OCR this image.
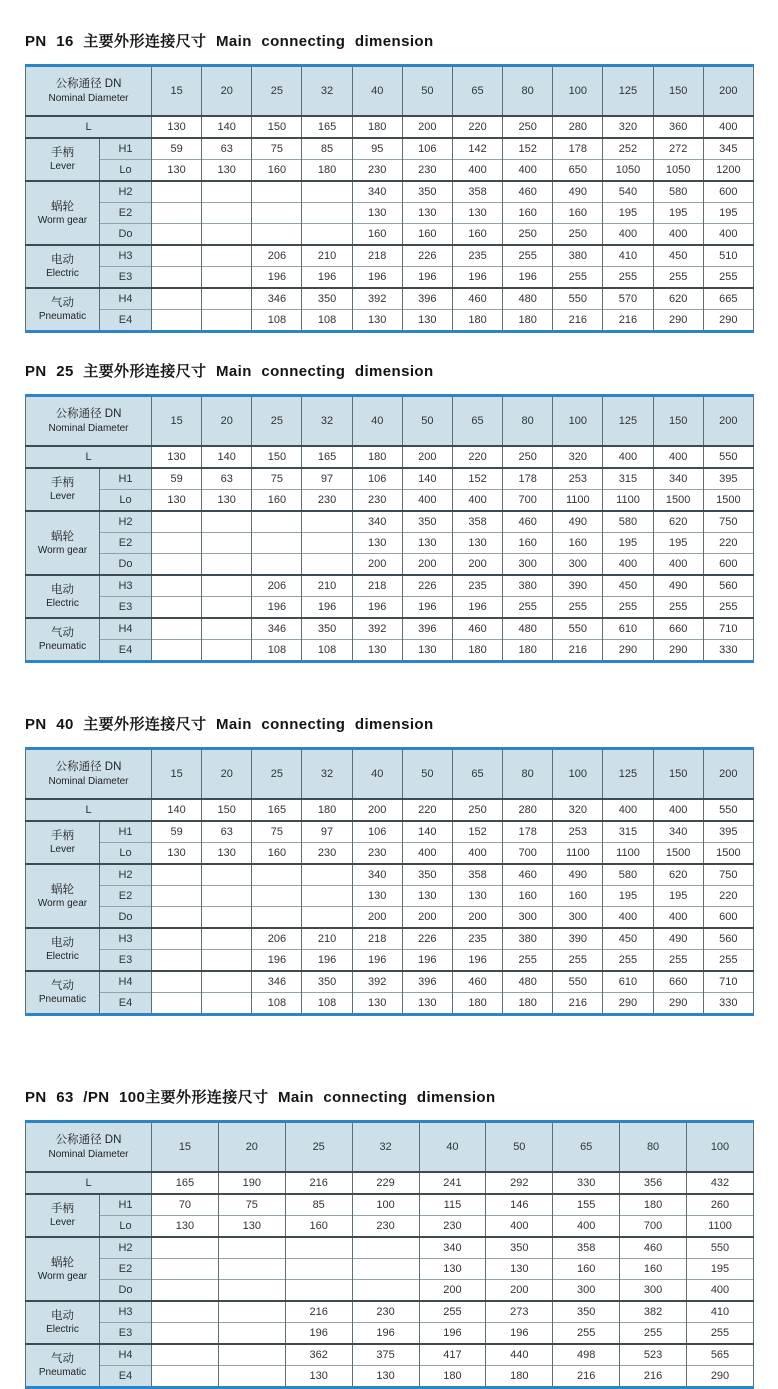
PN 16 主要外形连接尺寸 Main connecting dimension
公称通径 DN
Nominal Diameter		15	20	25	32	40	50	65	80	100	125	150	200
L		130	140	150	165	180	200	220	250	280	320	360	400

手柄
Lever	H1	59	63	75	85	95	106	142	152	178	252	272	345
	Lo	130	130	160	180	230	230	400	400	650	1050	1050	1200

蜗轮
Worm gear	H2					340	350	358	460	490	540	580	600
	E2					130	130	130	160	160	195	195	195
	Do					160	160	160	250	250	400	400	400

电动
Electric	H3			206	210	218	226	235	255	380	410	450	510
	E3			196	196	196	196	196	196	255	255	255	255

气动
Pneumatic	H4			346	350	392	396	460	480	550	570	620	665
	E4			108	108	130	130	180	180	216	216	290	290
PN 25 主要外形连接尺寸 Main connecting dimension
公称通径 DN
Nominal Diameter		15	20	25	32	40	50	65	80	100	125	150	200
L		130	140	150	165	180	200	220	250	320	400	400	550

手柄
Lever	H1	59	63	75	97	106	140	152	178	253	315	340	395
	Lo	130	130	160	230	230	400	400	700	1100	1100	1500	1500

蜗轮
Worm gear	H2					340	350	358	460	490	580	620	750
	E2					130	130	130	160	160	195	195	220
	Do					200	200	200	300	300	400	400	600

电动
Electric	H3			206	210	218	226	235	380	390	450	490	560
	E3			196	196	196	196	196	255	255	255	255	255

气动
Pneumatic	H4			346	350	392	396	460	480	550	610	660	710
	E4			108	108	130	130	180	180	216	290	290	330
PN 40 主要外形连接尺寸 Main connecting dimension
公称通径 DN
Nominal Diameter		15	20	25	32	40	50	65	80	100	125	150	200
L		140	150	165	180	200	220	250	280	320	400	400	550

手柄
Lever	H1	59	63	75	97	106	140	152	178	253	315	340	395
	Lo	130	130	160	230	230	400	400	700	1100	1100	1500	1500

蜗轮
Worm gear	H2					340	350	358	460	490	580	620	750
	E2					130	130	130	160	160	195	195	220
	Do					200	200	200	300	300	400	400	600

电动
Electric	H3			206	210	218	226	235	380	390	450	490	560
	E3			196	196	196	196	196	255	255	255	255	255

气动
Pneumatic	H4			346	350	392	396	460	480	550	610	660	710
	E4			108	108	130	130	180	180	216	290	290	330
PN 63 /PN 100主要外形连接尺寸 Main connecting dimension
公称通径 DN
Nominal Diameter		15	20	25	32	40	50	65	80	100
L		165	190	216	229	241	292	330	356	432

手柄
Lever	H1	70	75	85	100	115	146	155	180	260
	Lo	130	130	160	230	230	400	400	700	1100

蜗轮
Worm gear	H2					340	350	358	460	550
	E2					130	130	160	160	195
	Do					200	200	300	300	400

电动
Electric	H3			216	230	255	273	350	382	410
	E3			196	196	196	196	255	255	255

气动
Pneumatic	H4			362	375	417	440	498	523	565
	E4			130	130	180	180	216	216	290
